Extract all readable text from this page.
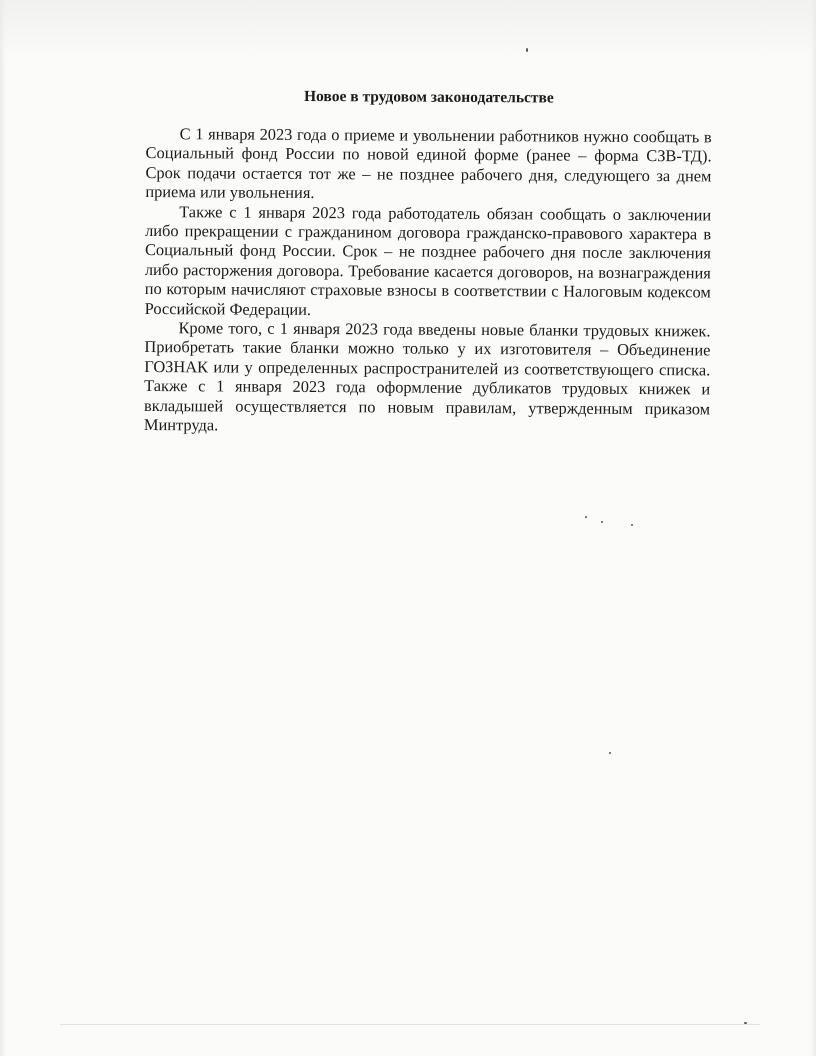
Новое в трудовом законодательстве

С 1 января 2023 года о приеме и увольнении работников нужно сообщать в Социальный фонд России по новой единой форме (ранее – форма СЗВ-ТД). Срок подачи остается тот же – не позднее рабочего дня, следующего за днем приема или увольнения.

Также с 1 января 2023 года работодатель обязан сообщать о заключении либо прекращении с гражданином договора гражданско-правового характера в Социальный фонд России. Срок – не позднее рабочего дня после заключения либо расторжения договора. Требование касается договоров, на вознаграждения по которым начисляют страховые взносы в соответствии с Налоговым кодексом Российской Федерации.

Кроме того, с 1 января 2023 года введены новые бланки трудовых книжек. Приобретать такие бланки можно только у их изготовителя – Объединение ГОЗНАК или у определенных распространителей из соответствующего списка. Также с 1 января 2023 года оформление дубликатов трудовых книжек и вкладышей осуществляется по новым правилам, утвержденным приказом Минтруда.
